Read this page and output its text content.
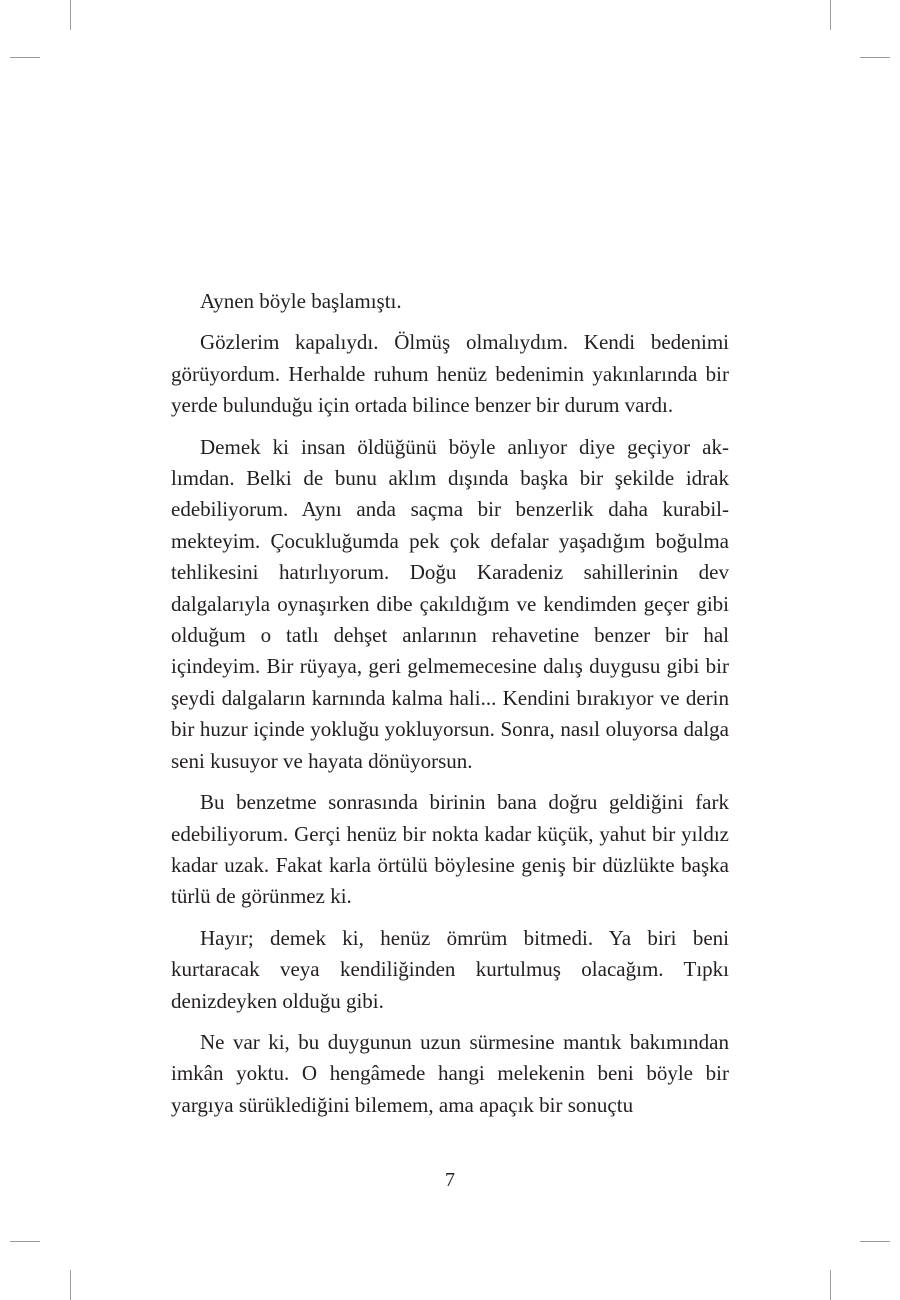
Aynen böyle başlamıştı.

Gözlerim kapalıydı. Ölmüş olmalıydım. Kendi bedenimi görüyordum. Herhalde ruhum henüz bedenimin yakınlarında bir yerde bulunduğu için ortada bilince benzer bir durum vardı.

Demek ki insan öldüğünü böyle anlıyor diye geçiyor aklımdan. Belki de bunu aklım dışında başka bir şekilde idrak edebiliyorum. Aynı anda saçma bir benzerlik daha kurabilmekteyim. Çocukluğumda pek çok defalar yaşadığım boğulma tehlikesini hatırlıyorum. Doğu Karadeniz sahillerinin dev dalgalarıyla oynaşırken dibe çakıldığım ve kendimden geçer gibi olduğum o tatlı dehşet anlarının rehavetine benzer bir hal içindeyim. Bir rüyaya, geri gelmemecesine dalış duygusu gibi bir şeydi dalgaların karnında kalma hali... Kendini bırakıyor ve derin bir huzur içinde yokluğu yokluyorsun. Sonra, nasıl oluyorsa dalga seni kusuyor ve hayata dönüyorsun.

Bu benzetme sonrasında birinin bana doğru geldiğini fark edebiliyorum. Gerçi henüz bir nokta kadar küçük, yahut bir yıldız kadar uzak. Fakat karla örtülü böylesine geniş bir düzlükte başka türlü de görünmez ki.

Hayır; demek ki, henüz ömrüm bitmedi. Ya biri beni kurtaracak veya kendiliğinden kurtulmuş olacağım. Tıpkı denizdeyken olduğu gibi.

Ne var ki, bu duygunun uzun sürmesine mantık bakımından imkân yoktu. O hengâmede hangi melekenin beni böyle bir yargıya sürüklediğini bilemem, ama apaçık bir sonuçtu

7
